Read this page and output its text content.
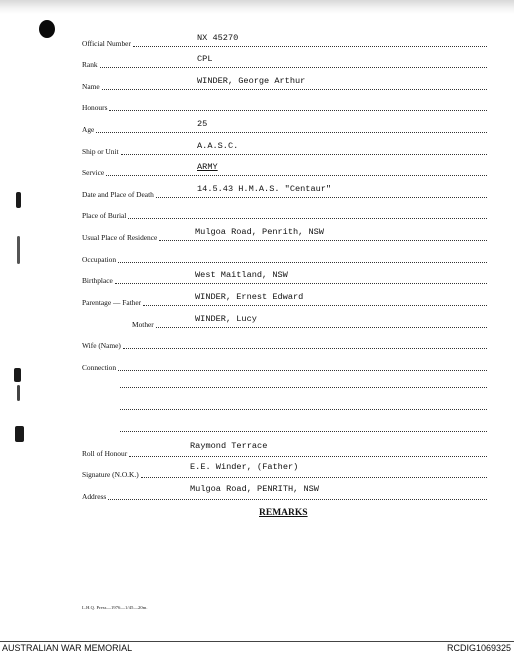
Official Number
NX 45270
Rank
CPL
Name
WINDER, George Arthur
Honours
Age
25
Ship or Unit
A.A.S.C.
Service
ARMY
Date and Place of Death
14.5.43 H.M.A.S. "Centaur"
Place of Burial
Usual Place of Residence
Mulgoa Road, Penrith, NSW
Occupation
Birthplace
West Maitland, NSW
Parentage — Father
WINDER, Ernest Edward
Mother
WINDER, Lucy
Wife (Name)
Connection
Roll of Honour
Raymond Terrace
Signature (N.O.K.)
E.E. Winder, (Father)
Address
Mulgoa Road, PENRITH, NSW
REMARKS
L.H.Q. Press—1976—1/45—20m.
AUSTRALIAN WAR MEMORIAL	RCDIG1069325
